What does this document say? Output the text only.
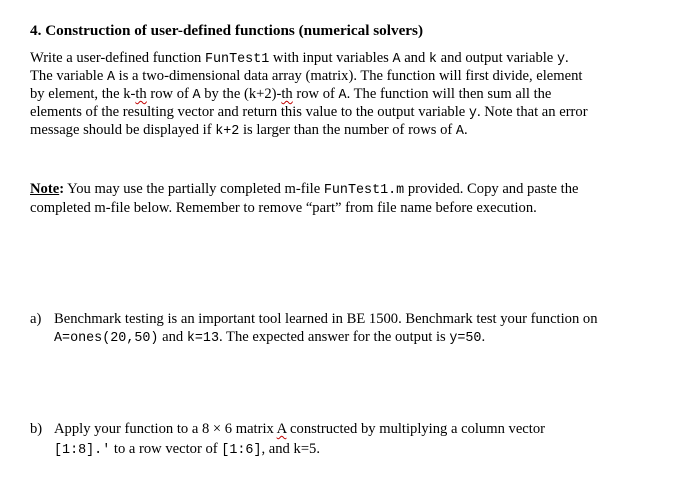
4. Construction of user-defined functions (numerical solvers)
Write a user-defined function FunTest1 with input variables A and k and output variable y.
The variable A is a two-dimensional data array (matrix). The function will first divide, element
by element, the k-th row of A by the (k+2)-th row of A. The function will then sum all the
elements of the resulting vector and return this value to the output variable y. Note that an error
message should be displayed if k+2 is larger than the number of rows of A.
Note: You may use the partially completed m-file FunTest1.m provided. Copy and paste the
completed m-file below. Remember to remove “part” from file name before execution.
a) Benchmark testing is an important tool learned in BE 1500. Benchmark test your function on
A=ones(20,50) and k=13. The expected answer for the output is y=50.
b) Apply your function to a 8 × 6 matrix A constructed by multiplying a column vector
[1:8].' to a row vector of [1:6], and k=5.
